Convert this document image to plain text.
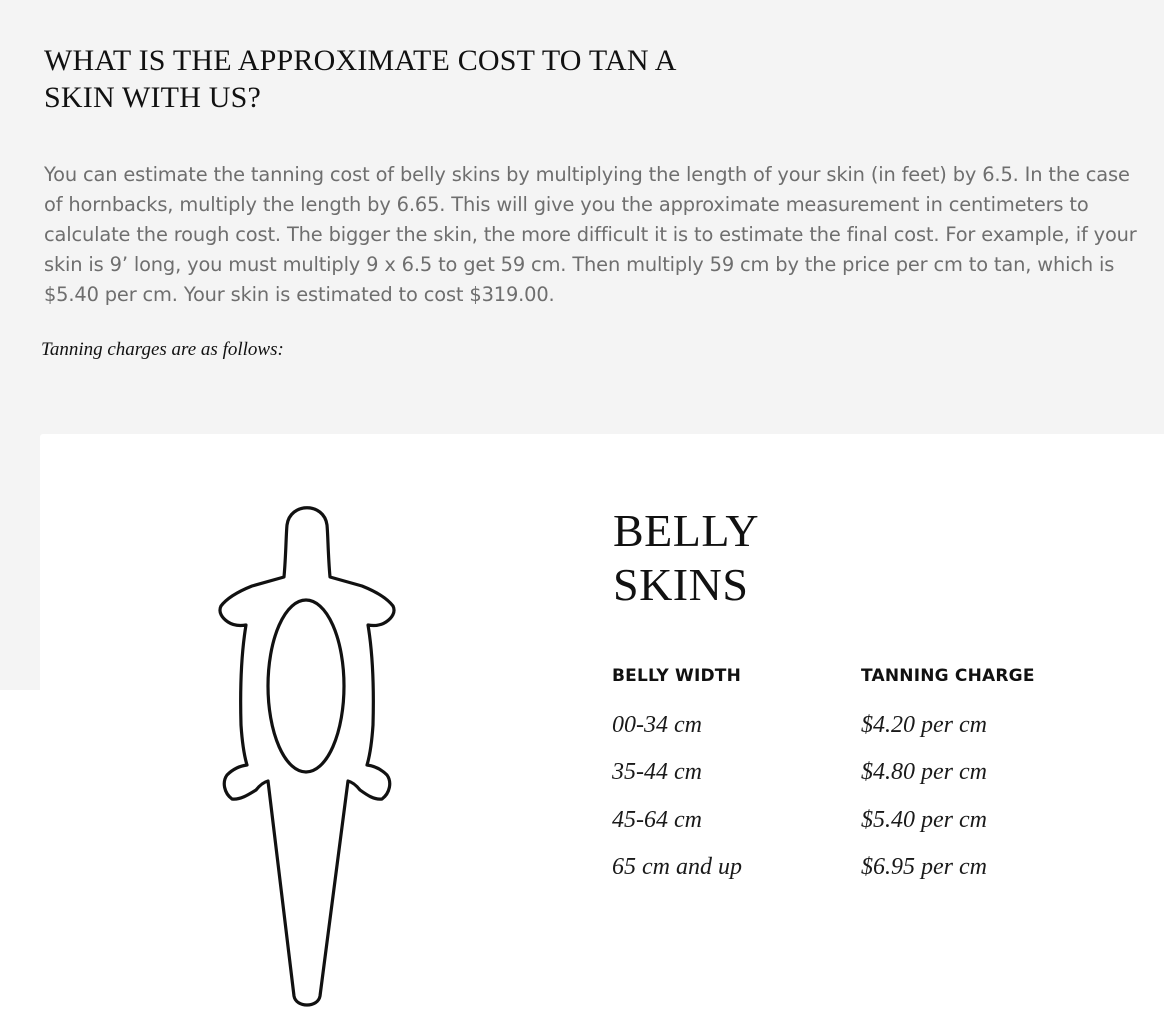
WHAT IS THE APPROXIMATE COST TO TAN A
SKIN WITH US?

You can estimate the tanning cost of belly skins by multiplying the length of your skin (in feet) by 6.5. In the case of hornbacks, multiply the length by 6.65. This will give you the approximate measurement in centimeters to calculate the rough cost. The bigger the skin, the more difficult it is to estimate the final cost. For example, if your skin is 9’ long, you must multiply 9 x 6.5 to get 59 cm. Then multiply 59 cm by the price per cm to tan, which is $5.40 per cm. Your skin is estimated to cost $319.00.

Tanning charges are as follows:

BELLY
SKINS
BELLY WIDTH	TANNING CHARGE
00-34 cm	$4.20 per cm
35-44 cm	$4.80 per cm
45-64 cm	$5.40 per cm
65 cm and up	$6.95 per cm
